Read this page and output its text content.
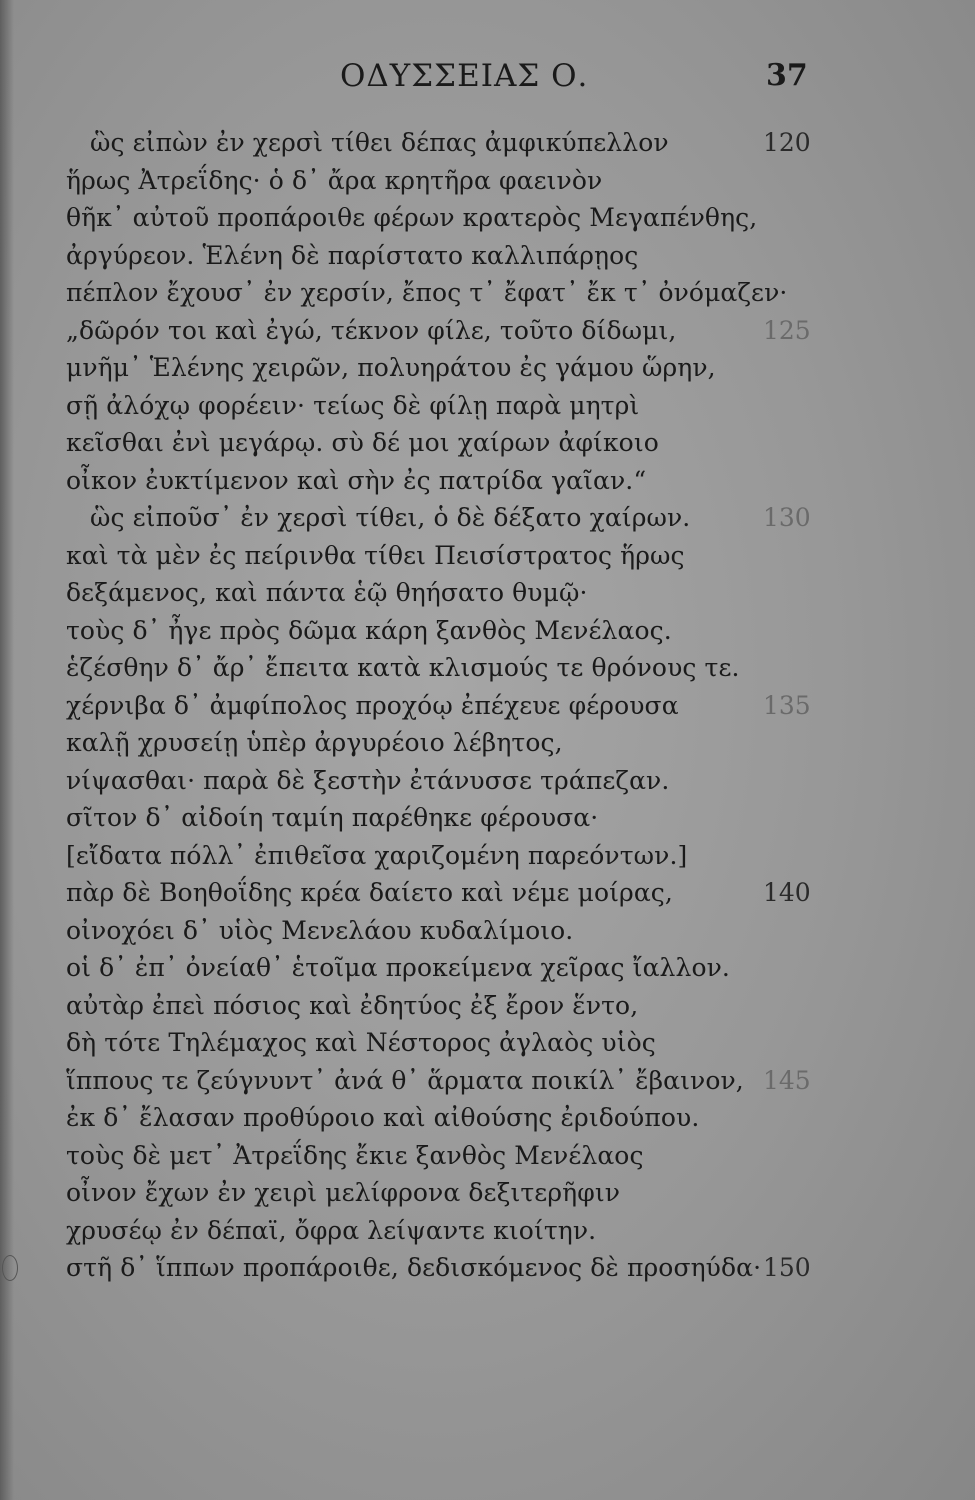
ΟΔΥΣΣΕΙΑΣ Ο.	37
ὣς εἰπὼν ἐν χερσὶ τίθει δέπας ἀμφικύπελλον	120
ἥρως Ἀτρεΐδης· ὁ δ᾿ ἄρα κρητῆρα φαεινὸν
θῆκ᾿ αὐτοῦ προπάροιθε φέρων κρατερὸς Μεγαπένθης,
ἀργύρεον. Ἑλένη δὲ παρίστατο καλλιπάρῃος
πέπλον ἔχουσ᾿ ἐν χερσίν, ἔπος τ᾿ ἔφατ᾿ ἔκ τ᾿ ὀνόμαζεν·
„δῶρόν τοι καὶ ἐγώ, τέκνον φίλε, τοῦτο δίδωμι,	125
μνῆμ᾿ Ἑλένης χειρῶν, πολυηράτου ἐς γάμου ὥρην,
σῇ ἀλόχῳ φορέειν· τείως δὲ φίλῃ παρὰ μητρὶ
κεῖσθαι ἐνὶ μεγάρῳ. σὺ δέ μοι χαίρων ἀφίκοιο
οἶκον ἐυκτίμενον καὶ σὴν ἐς πατρίδα γαῖαν.“
ὣς εἰποῦσ᾿ ἐν χερσὶ τίθει, ὁ δὲ δέξατο χαίρων.	130
καὶ τὰ μὲν ἐς πείρινθα τίθει Πεισίστρατος ἥρως
δεξάμενος, καὶ πάντα ἑῷ θηήσατο θυμῷ·
τοὺς δ᾿ ἦγε πρὸς δῶμα κάρη ξανθὸς Μενέλαος.
ἑζέσθην δ᾿ ἄρ᾿ ἔπειτα κατὰ κλισμούς τε θρόνους τε.
χέρνιβα δ᾿ ἀμφίπολος προχόῳ ἐπέχευε φέρουσα	135
καλῇ χρυσείῃ ὑπὲρ ἀργυρέοιο λέβητος,
νίψασθαι· παρὰ δὲ ξεστὴν ἐτάνυσσε τράπεζαν.
σῖτον δ᾿ αἰδοίη ταμίη παρέθηκε φέρουσα·
[εἴδατα πόλλ᾿ ἐπιθεῖσα χαριζομένη παρεόντων.]
πὰρ δὲ Βοηθοΐδης κρέα δαίετο καὶ νέμε μοίρας,	140
οἰνοχόει δ᾿ υἱὸς Μενελάου κυδαλίμοιο.
οἱ δ᾿ ἐπ᾿ ὀνείαθ᾿ ἑτοῖμα προκείμενα χεῖρας ἴαλλον.
αὐτὰρ ἐπεὶ πόσιος καὶ ἐδητύος ἐξ ἔρον ἕντο,
δὴ τότε Τηλέμαχος καὶ Νέστορος ἀγλαὸς υἱὸς
ἵππους τε ζεύγνυντ᾿ ἀνά θ᾿ ἅρματα ποικίλ᾿ ἔβαινον, 145
ἐκ δ᾿ ἔλασαν προθύροιο καὶ αἰθούσης ἐριδούπου.
τοὺς δὲ μετ᾿ Ἀτρεΐδης ἔκιε ξανθὸς Μενέλαος
οἶνον ἔχων ἐν χειρὶ μελίφρονα δεξιτερῆφιν
χρυσέῳ ἐν δέπαϊ, ὄφρα λείψαντε κιοίτην.
στῆ δ᾿ ἵππων προπάροιθε, δεδισκόμενος δὲ προσηύδα· 150
